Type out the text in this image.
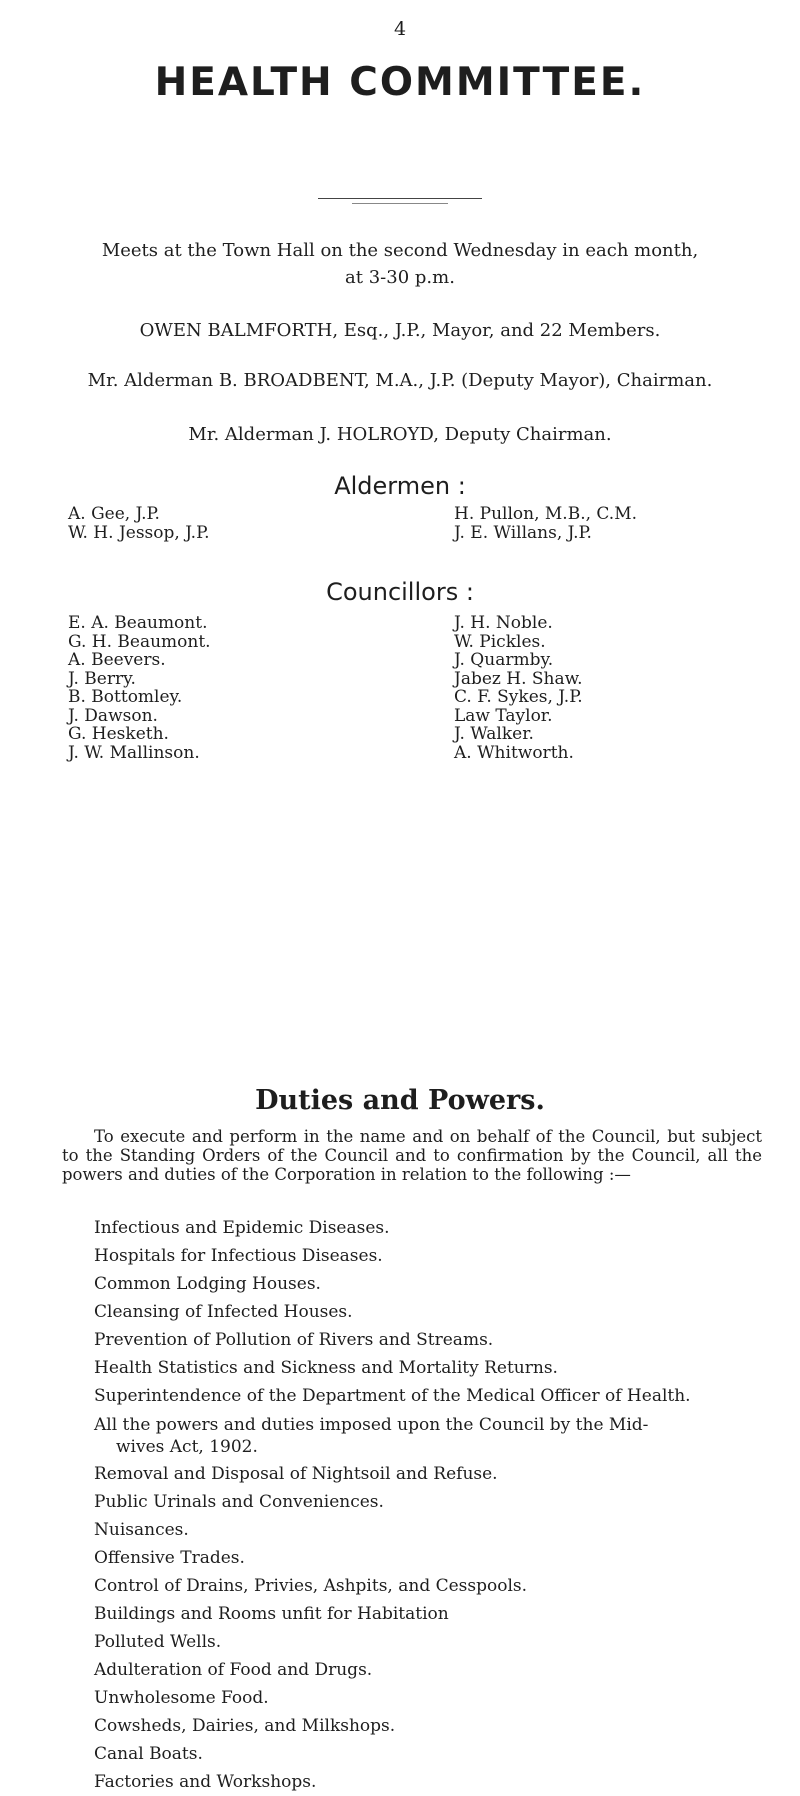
4
HEALTH COMMITTEE.
Meets at the Town Hall on the second Wednesday in each month,
at 3-30 p.m.
OWEN BALMFORTH, Esq., J.P., Mayor, and 22 Members.
Mr. Alderman B. BROADBENT, M.A., J.P. (Deputy Mayor), Chairman.
Mr. Alderman J. HOLROYD, Deputy Chairman.
Aldermen :
A. Gee, J.P.
W. H. Jessop, J.P.
H. Pullon, M.B., C.M.
J. E. Willans, J.P.
Councillors :
E. A. Beaumont.
G. H. Beaumont.
A. Beevers.
J. Berry.
B. Bottomley.
J. Dawson.
G. Hesketh.
J. W. Mallinson.
J. H. Noble.
W. Pickles.
J. Quarmby.
Jabez H. Shaw.
C. F. Sykes, J.P.
Law Taylor.
J. Walker.
A. Whitworth.
Duties and Powers.
To execute and perform in the name and on behalf of the Council, but subject to the Standing Orders of the Council and to confirmation by the Council, all the powers and duties of the Corporation in relation to the following :—
Infectious and Epidemic Diseases.
Hospitals for Infectious Diseases.
Common Lodging Houses.
Cleansing of Infected Houses.
Prevention of Pollution of Rivers and Streams.
Health Statistics and Sickness and Mortality Returns.
Superintendence of the Department of the Medical Officer of Health.
All the powers and duties imposed upon the Council by the Mid-
wives Act, 1902.
Removal and Disposal of Nightsoil and Refuse.
Public Urinals and Conveniences.
Nuisances.
Offensive Trades.
Control of Drains, Privies, Ashpits, and Cesspools.
Buildings and Rooms unfit for Habitation
Polluted Wells.
Adulteration of Food and Drugs.
Unwholesome Food.
Cowsheds, Dairies, and Milkshops.
Canal Boats.
Factories and Workshops.
